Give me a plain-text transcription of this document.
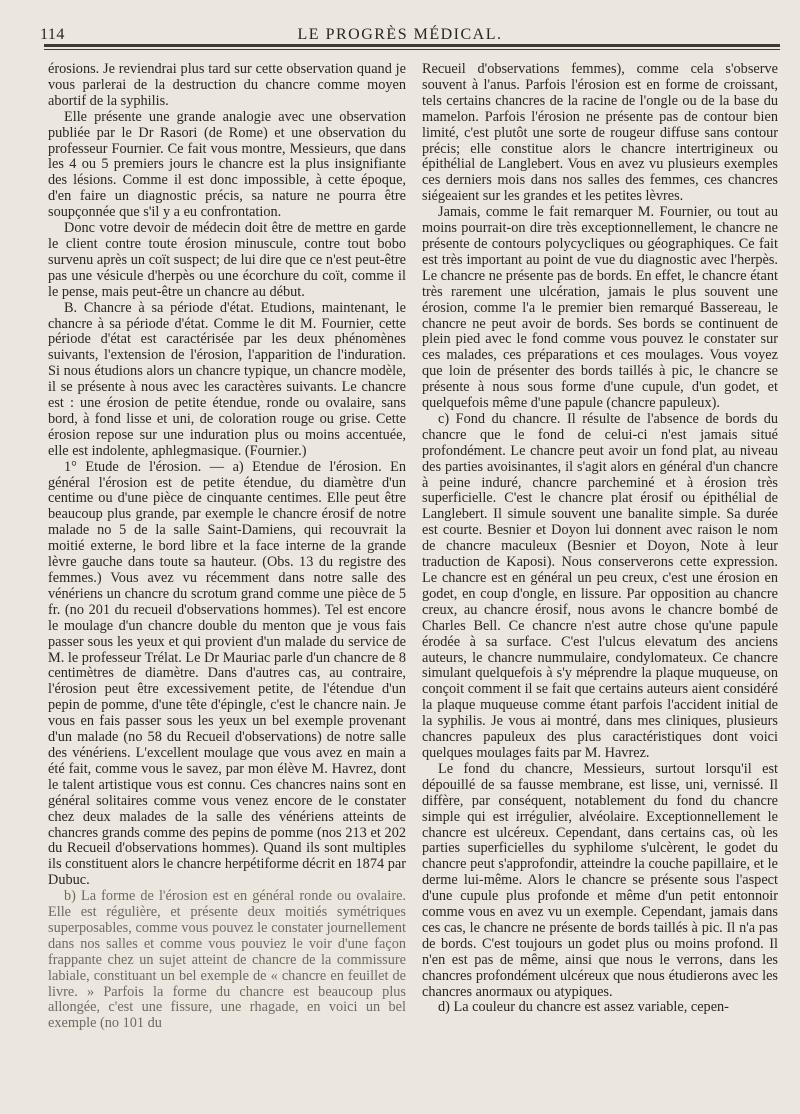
114	LE PROGRÈS MÉDICAL.

érosions. Je reviendrai plus tard sur cette observation quand je vous parlerai de la destruction du chancre comme moyen abortif de la syphilis.

Elle présente une grande analogie avec une observation publiée par le Dr Rasori (de Rome) et une observation du professeur Fournier. Ce fait vous montre, Messieurs, que dans les 4 ou 5 premiers jours le chancre est la plus insignifiante des lésions. Comme il est donc impossible, à cette époque, d'en faire un diagnostic précis, sa nature ne pourra être soupçonnée que s'il y a eu confrontation.

Donc votre devoir de médecin doit être de mettre en garde le client contre toute érosion minuscule, contre tout bobo survenu après un coït suspect; de lui dire que ce n'est peut-être pas une vésicule d'herpès ou une écorchure du coït, comme il le pense, mais peut-être un chancre au début.

B. Chancre à sa période d'état. Etudions, maintenant, le chancre à sa période d'état. Comme le dit M. Fournier, cette période d'état est caractérisée par les deux phénomènes suivants, l'extension de l'érosion, l'apparition de l'induration. Si nous étudions alors un chancre typique, un chancre modèle, il se présente à nous avec les caractères suivants. Le chancre est : une érosion de petite étendue, ronde ou ovalaire, sans bord, à fond lisse et uni, de coloration rouge ou grise. Cette érosion repose sur une induration plus ou moins accentuée, elle est indolente, aphlegmasique. (Fournier.)

1° Etude de l'érosion. — a) Etendue de l'érosion. En général l'érosion est de petite étendue, du diamètre d'un centime ou d'une pièce de cinquante centimes. Elle peut être beaucoup plus grande, par exemple le chancre érosif de notre malade no 5 de la salle Saint-Damiens, qui recouvrait la moitié externe, le bord libre et la face interne de la grande lèvre gauche dans toute sa hauteur. (Obs. 13 du registre des femmes.) Vous avez vu récemment dans notre salle des vénériens un chancre du scrotum grand comme une pièce de 5 fr. (no 201 du recueil d'observations hommes). Tel est encore le moulage d'un chancre double du menton que je vous fais passer sous les yeux et qui provient d'un malade du service de M. le professeur Trélat. Le Dr Mauriac parle d'un chancre de 8 centimètres de diamètre. Dans d'autres cas, au contraire, l'érosion peut être excessivement petite, de l'étendue d'un pepin de pomme, d'une tête d'épingle, c'est le chancre nain. Je vous en fais passer sous les yeux un bel exemple provenant d'un malade (no 58 du Recueil d'observations) de notre salle des vénériens. L'excellent moulage que vous avez en main a été fait, comme vous le savez, par mon élève M. Havrez, dont le talent artistique vous est connu. Ces chancres nains sont en général solitaires comme vous venez encore de le constater chez deux malades de la salle des vénériens atteints de chancres grands comme des pepins de pomme (nos 213 et 202 du Recueil d'observations hommes). Quand ils sont multiples ils constituent alors le chancre herpétiforme décrit en 1874 par Dubuc.

b) La forme de l'érosion est en général ronde ou ovalaire. Elle est régulière, et présente deux moitiés symétriques superposables, comme vous pouvez le constater journellement dans nos salles et comme vous pouviez le voir d'une façon frappante chez un sujet atteint de chancre de la commissure labiale, constituant un bel exemple de « chancre en feuillet de livre. » Parfois la forme du chancre est beaucoup plus allongée, c'est une fissure, une rhagade, en voici un bel exemple (no 101 du

Recueil d'observations femmes), comme cela s'observe souvent à l'anus. Parfois l'érosion est en forme de croissant, tels certains chancres de la racine de l'ongle ou de la base du mamelon. Parfois l'érosion ne présente pas de contour bien limité, c'est plutôt une sorte de rougeur diffuse sans contour précis; elle constitue alors le chancre intertrigineux ou épithélial de Langlebert. Vous en avez vu plusieurs exemples ces derniers mois dans nos salles des femmes, ces chancres siégeaient sur les grandes et les petites lèvres.

Jamais, comme le fait remarquer M. Fournier, ou tout au moins pourrait-on dire très exceptionnellement, le chancre ne présente de contours polycycliques ou géographiques. Ce fait est très important au point de vue du diagnostic avec l'herpès. Le chancre ne présente pas de bords. En effet, le chancre étant très rarement une ulcération, jamais le plus souvent une érosion, comme l'a le premier bien remarqué Bassereau, le chancre ne peut avoir de bords. Ses bords se continuent de plein pied avec le fond comme vous pouvez le constater sur ces malades, ces préparations et ces moulages. Vous voyez que loin de présenter des bords taillés à pic, le chancre se présente à nous sous forme d'une cupule, d'un godet, et quelquefois même d'une papule (chancre papuleux).

c) Fond du chancre. Il résulte de l'absence de bords du chancre que le fond de celui-ci n'est jamais situé profondément. Le chancre peut avoir un fond plat, au niveau des parties avoisinantes, il s'agit alors en général d'un chancre à peine induré, chancre parcheminé et à érosion très superficielle. C'est le chancre plat érosif ou épithélial de Langlebert. Il simule souvent une banalite simple. Sa durée est courte. Besnier et Doyon lui donnent avec raison le nom de chancre maculeux (Besnier et Doyon, Note à leur traduction de Kaposi). Nous conserverons cette expression. Le chancre est en général un peu creux, c'est une érosion en godet, en coup d'ongle, en lissure. Par opposition au chancre creux, au chancre érosif, nous avons le chancre bombé de Charles Bell. Ce chancre n'est autre chose qu'une papule érodée à sa surface. C'est l'ulcus elevatum des anciens auteurs, le chancre nummulaire, condylomateux. Ce chancre simulant quelquefois à s'y méprendre la plaque muqueuse, on conçoit comment il se fait que certains auteurs aient considéré la plaque muqueuse comme étant parfois l'accident initial de la syphilis. Je vous ai montré, dans mes cliniques, plusieurs chancres papuleux des plus caractéristiques dont voici quelques moulages faits par M. Havrez.

Le fond du chancre, Messieurs, surtout lorsqu'il est dépouillé de sa fausse membrane, est lisse, uni, vernissé. Il diffère, par conséquent, notablement du fond du chancre simple qui est irrégulier, alvéolaire. Exceptionnellement le chancre est ulcéreux. Cependant, dans certains cas, où les parties superficielles du syphilome s'ulcèrent, le godet du chancre peut s'approfondir, atteindre la couche papillaire, et le derme lui-même. Alors le chancre se présente sous l'aspect d'une cupule plus profonde et même d'un petit entonnoir comme vous en avez vu un exemple. Cependant, jamais dans ces cas, le chancre ne présente de bords taillés à pic. Il n'a pas de bords. C'est toujours un godet plus ou moins profond. Il n'en est pas de même, ainsi que nous le verrons, dans les chancres profondément ulcéreux que nous étudierons avec les chancres anormaux ou atypiques.

d) La couleur du chancre est assez variable, cepen-
